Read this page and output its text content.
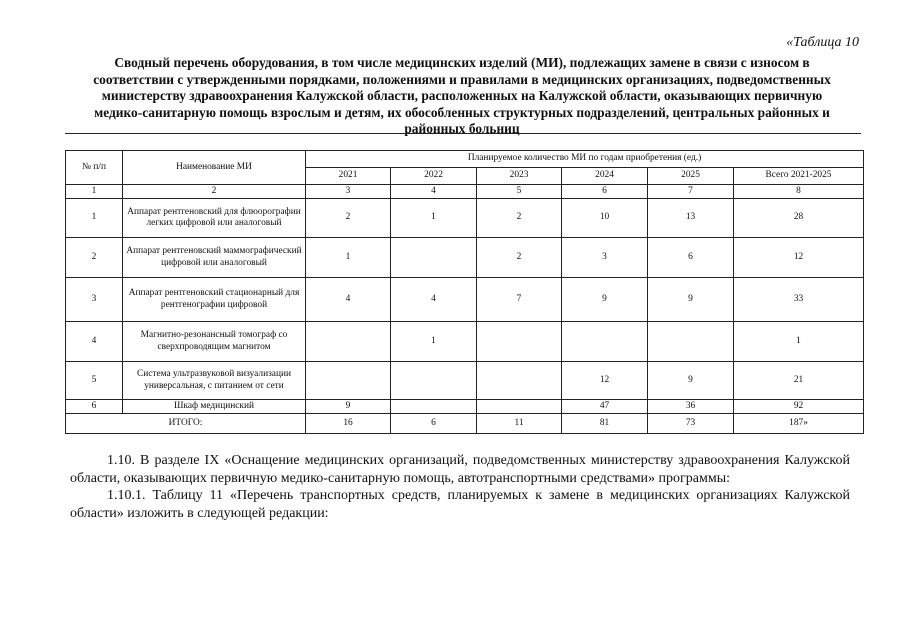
«Таблица 10
Сводный перечень оборудования, в том числе медицинских изделий (МИ), подлежащих замене в связи с износом в
соответствии с утвержденными порядками, положениями и правилами в медицинских организациях, подведомственных
министерству здравоохранения Калужской области, расположенных на Калужской области, оказывающих первичную
медико-санитарную помощь взрослым и детям, их обособленных структурных подразделений, центральных районных и
районных больниц
№ п/п	Наименование МИ	Планируемое количество МИ по годам приобретения (ед.)					
		2021	2022	2023	2024	2025	Всего 2021-2025
1	2	3	4	5	6	7	8
1	Аппарат рентгеновский для флюорографии легких цифровой или аналоговый	2	1	2	10	13	28
2	Аппарат рентгеновский маммографический цифровой или аналоговый	1		2	3	6	12
3	Аппарат рентгеновский стационарный для рентгенографии цифровой	4	4	7	9	9	33
4	Магнитно-резонансный томограф со сверхпроводящим магнитом		1				1
5	Система ультразвуковой визуализации универсальная, с питанием от сети				12	9	21
6	Шкаф медицинский	9			47	36	92
ИТОГО:		16	6	11	81	73	187»
1.10. В разделе IX «Оснащение медицинских организаций, подведомственных министерству здравоохранения Калужской области, оказывающих первичную медико-санитарную помощь, автотранспортными средствами» программы:
1.10.1. Таблицу 11 «Перечень транспортных средств, планируемых к замене в медицинских организациях Калужской области» изложить в следующей редакции:
